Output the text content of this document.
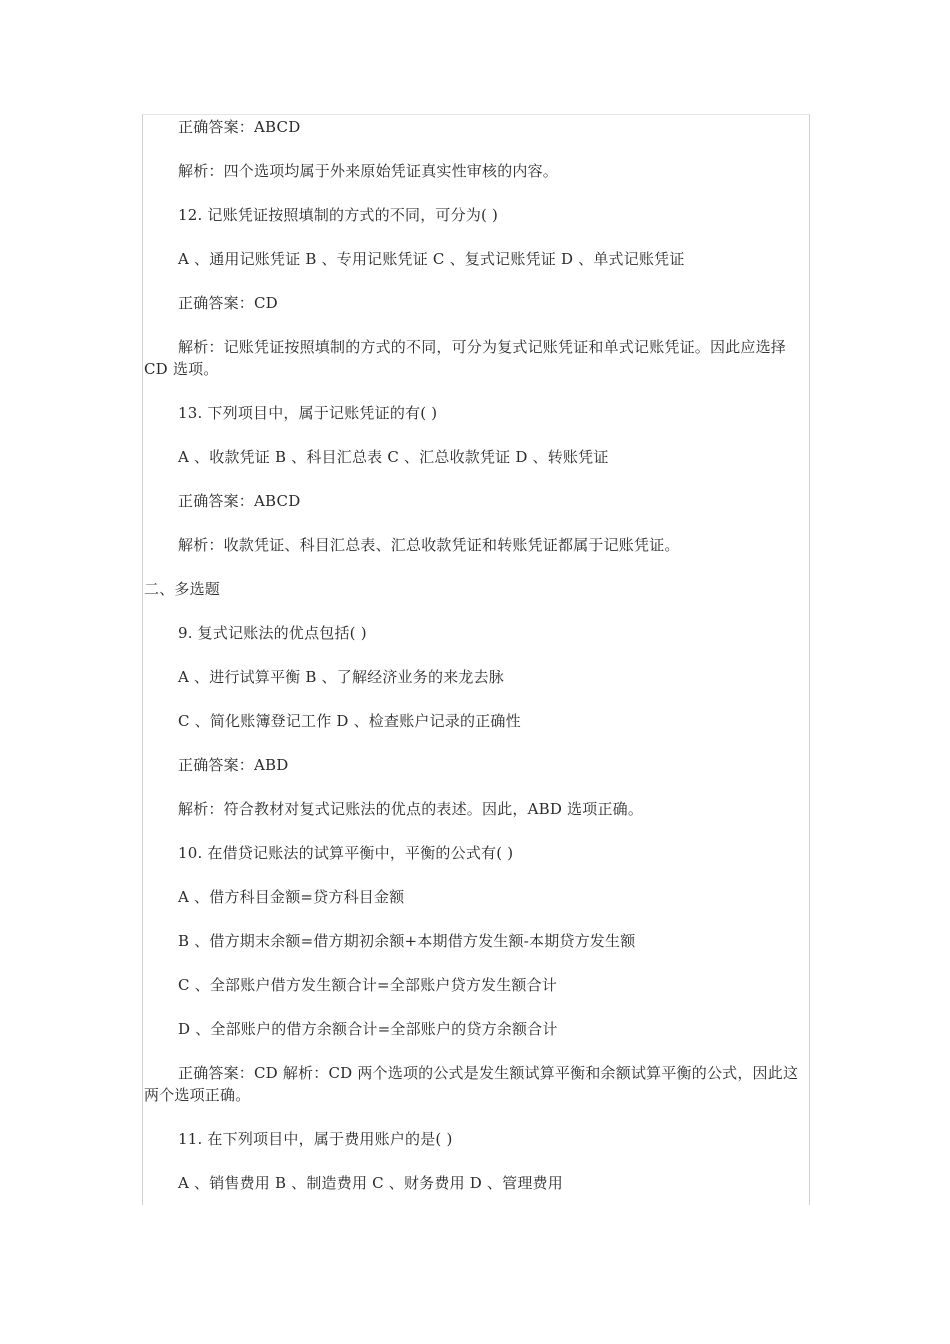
正确答案：ABCD
解析：四个选项均属于外来原始凭证真实性审核的内容。
12. 记账凭证按照填制的方式的不同，可分为( )
A 、通用记账凭证 B 、专用记账凭证 C 、复式记账凭证 D 、单式记账凭证
正确答案：CD
解析：记账凭证按照填制的方式的不同，可分为复式记账凭证和单式记账凭证。因此应选择 CD 选项。
13. 下列项目中，属于记账凭证的有( )
A 、收款凭证 B 、科目汇总表 C 、汇总收款凭证 D 、转账凭证
正确答案：ABCD
解析：收款凭证、科目汇总表、汇总收款凭证和转账凭证都属于记账凭证。
二、多选题
9. 复式记账法的优点包括( )
A 、进行试算平衡 B 、了解经济业务的来龙去脉
C 、简化账簿登记工作 D 、检查账户记录的正确性
正确答案：ABD
解析：符合教材对复式记账法的优点的表述。因此，ABD 选项正确。
10. 在借贷记账法的试算平衡中，平衡的公式有( )
A 、借方科目金额=贷方科目金额
B 、借方期末余额=借方期初余额+本期借方发生额-本期贷方发生额
C 、全部账户借方发生额合计=全部账户贷方发生额合计
D 、全部账户的借方余额合计=全部账户的贷方余额合计
正确答案：CD 解析：CD 两个选项的公式是发生额试算平衡和余额试算平衡的公式，因此这两个选项正确。
11. 在下列项目中，属于费用账户的是( )
A 、销售费用 B 、制造费用 C 、财务费用 D 、管理费用
